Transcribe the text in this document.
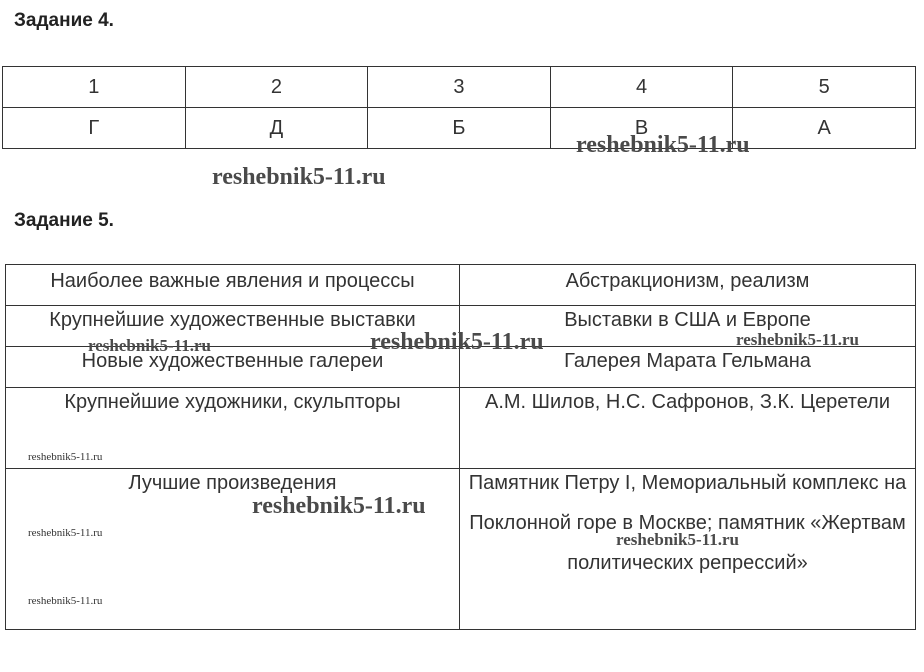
Задание 4.
1	2	3	4	5
Г	Д	Б	В	А
Задание 5.
Наиболее важные явления и процессы	Абстракционизм, реализм

Крупнейшие художественные выставки	Выставки в США и Европе

Новые художественные галереи	Галерея Марата Гельмана

Крупнейшие художники, скульпторы	А.М. Шилов, Н.С. Сафронов, З.К. Церетели

Лучшие произведения	Памятник Петру I, Мемориальный комплекс на Поклонной горе в Москве; памятник «Жертвам политических репрессий»
reshebnik5-11.ru
reshebnik5-11.ru
reshebnik5-11.ru
reshebnik5-11.ru
reshebnik5-11.ru	reshebnik5-11.ru
reshebnik5-11.ru
reshebnik5-11.ru
reshebnik5-11.ru
reshebnik5-11.ru
